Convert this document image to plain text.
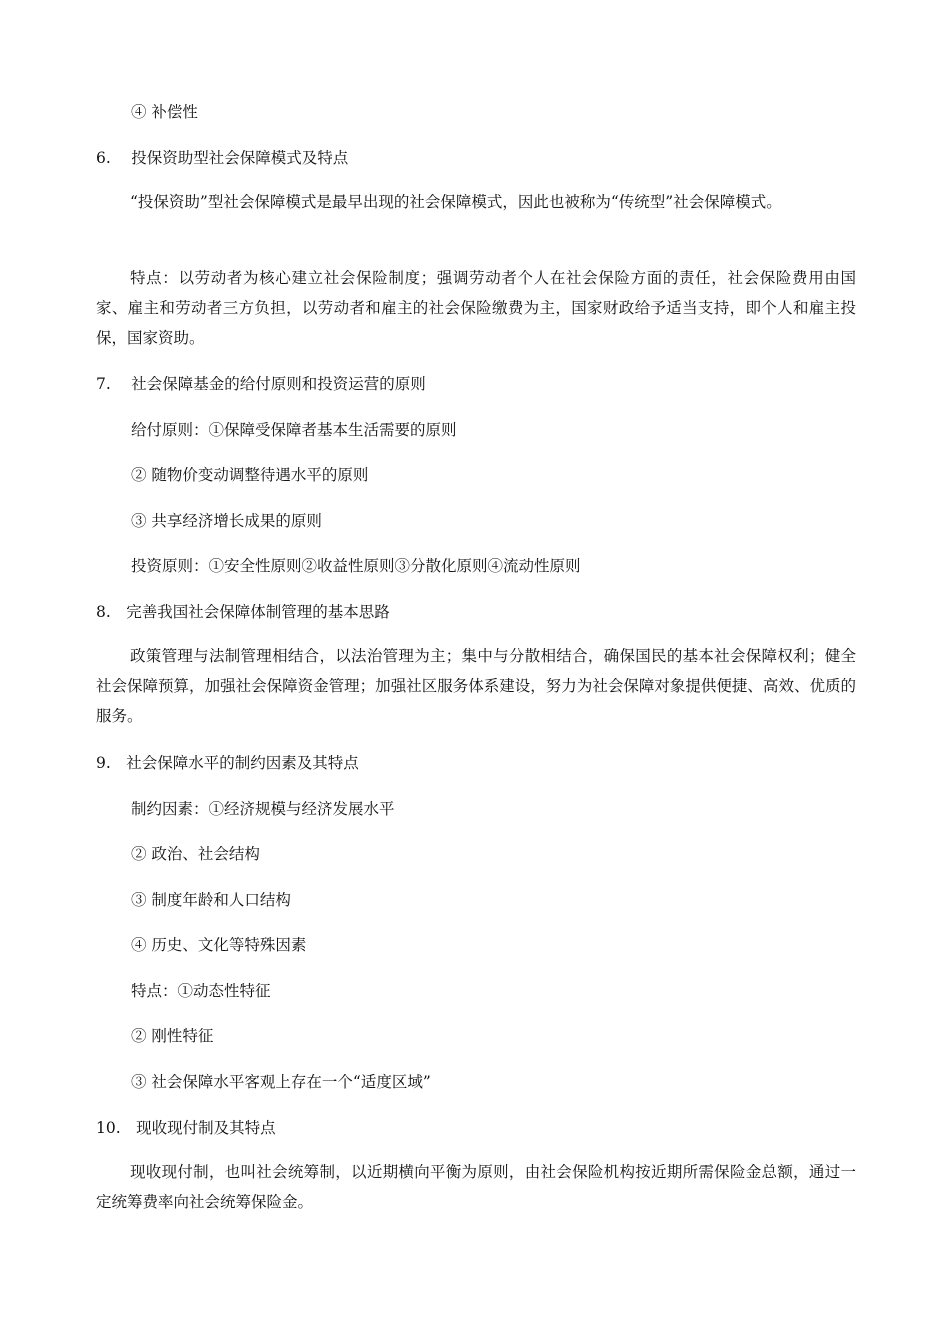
④ 补偿性
6.　 投保资助型社会保障模式及特点
“投保资助”型社会保障模式是最早出现的社会保障模式，因此也被称为“传统型”社会保障模式。
特点：以劳动者为核心建立社会保险制度；强调劳动者个人在社会保险方面的责任，社会保险费用由国家、雇主和劳动者三方负担，以劳动者和雇主的社会保险缴费为主，国家财政给予适当支持，即个人和雇主投保，国家资助。
7.　 社会保障基金的给付原则和投资运营的原则
给付原则：①保障受保障者基本生活需要的原则
② 随物价变动调整待遇水平的原则
③ 共享经济增长成果的原则
投资原则：①安全性原则②收益性原则③分散化原则④流动性原则
8.　完善我国社会保障体制管理的基本思路
政策管理与法制管理相结合，以法治管理为主；集中与分散相结合，确保国民的基本社会保障权利；健全社会保障预算，加强社会保障资金管理；加强社区服务体系建设，努力为社会保障对象提供便捷、高效、优质的服务。
9.　社会保障水平的制约因素及其特点
制约因素：①经济规模与经济发展水平
② 政治、社会结构
③ 制度年龄和人口结构
④ 历史、文化等特殊因素
特点：①动态性特征
② 刚性特征
③ 社会保障水平客观上存在一个“适度区域”
10.　现收现付制及其特点
现收现付制，也叫社会统筹制，以近期横向平衡为原则，由社会保险机构按近期所需保险金总额，通过一定统筹费率向社会统筹保险金。
